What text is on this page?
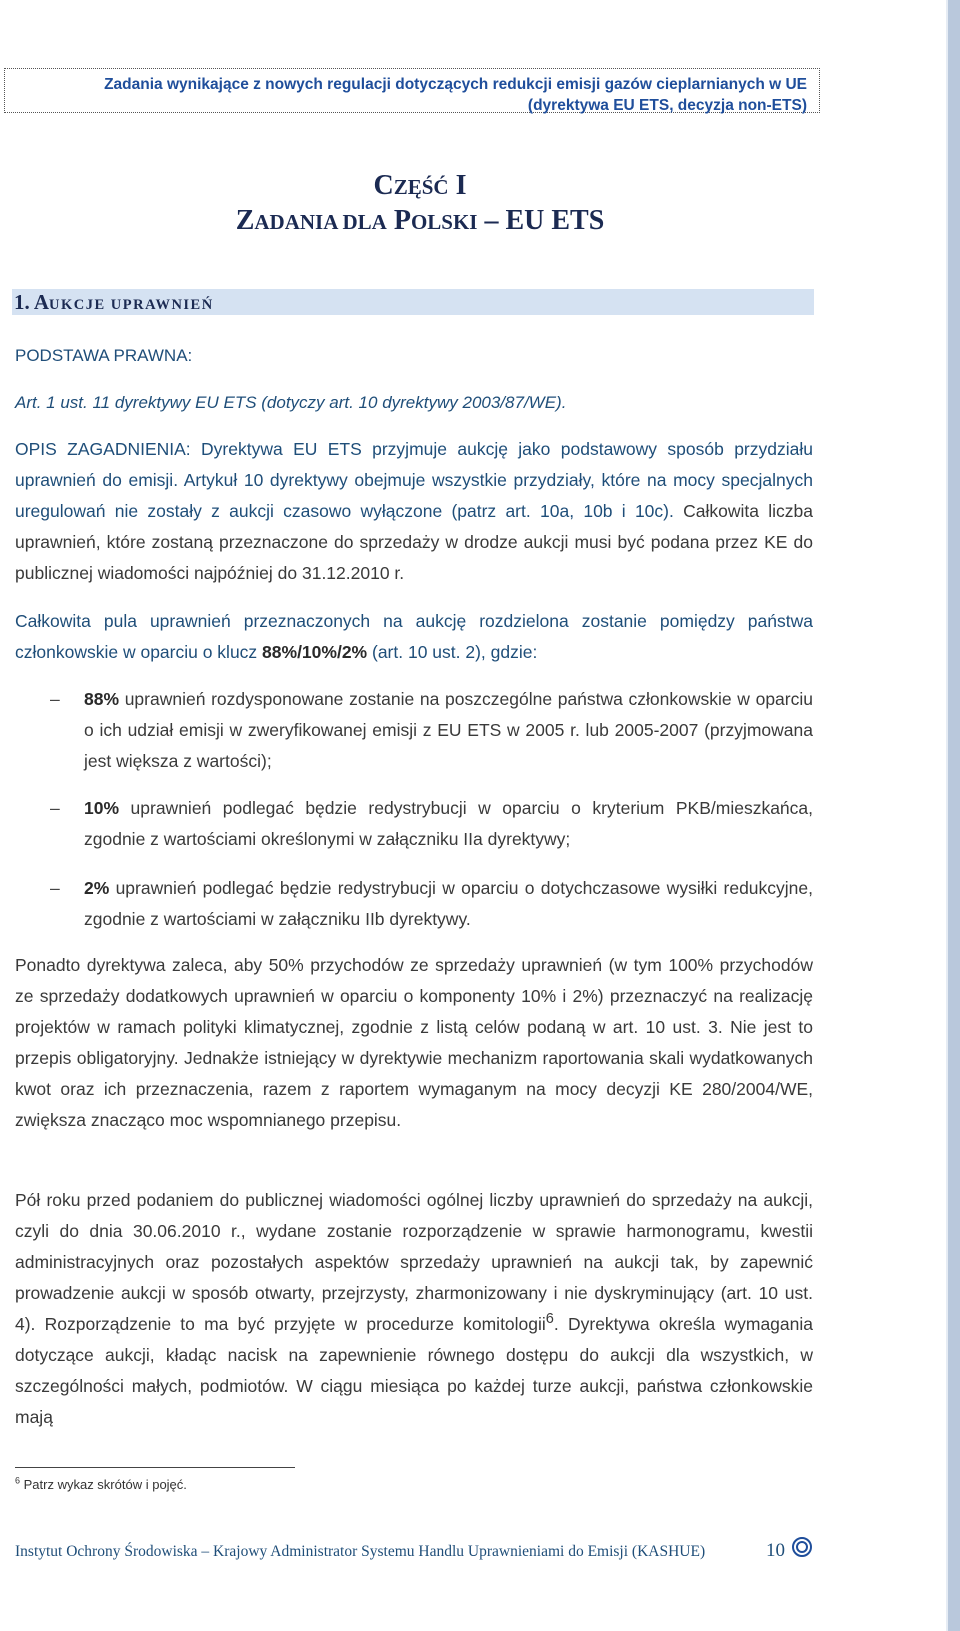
Zadania wynikające z nowych regulacji dotyczących redukcji emisji gazów cieplarnianych w UE
(dyrektywa EU ETS, decyzja non-ETS)
CZĘŚĆ I
ZADANIA DLA POLSKI – EU ETS
1. AUKCJE UPRAWNIEŃ
PODSTAWA PRAWNA:
Art. 1 ust. 11 dyrektywy EU ETS (dotyczy art. 10 dyrektywy 2003/87/WE).
OPIS ZAGADNIENIA: Dyrektywa EU ETS przyjmuje aukcję jako podstawowy sposób przydziału uprawnień do emisji. Artykuł 10 dyrektywy obejmuje wszystkie przydziały, które na mocy specjalnych uregulowań nie zostały z aukcji czasowo wyłączone (patrz art. 10a, 10b i 10c). Całkowita liczba uprawnień, które zostaną przeznaczone do sprzedaży w drodze aukcji musi być podana przez KE do publicznej wiadomości najpóźniej do 31.12.2010 r.
Całkowita pula uprawnień przeznaczonych na aukcję rozdzielona zostanie pomiędzy państwa członkowskie w oparciu o klucz 88%/10%/2% (art. 10 ust. 2), gdzie:
–	88% uprawnień rozdysponowane zostanie na poszczególne państwa członkowskie w oparciu o ich udział emisji w zweryfikowanej emisji z EU ETS w 2005 r. lub 2005-2007 (przyjmowana jest większa z wartości);
–	10% uprawnień podlegać będzie redystrybucji w oparciu o kryterium PKB/mieszkańca, zgodnie z wartościami określonymi w załączniku IIa dyrektywy;
–	2% uprawnień podlegać będzie redystrybucji w oparciu o dotychczasowe wysiłki redukcyjne, zgodnie z wartościami w załączniku IIb dyrektywy.
Ponadto dyrektywa zaleca, aby 50% przychodów ze sprzedaży uprawnień (w tym 100% przychodów ze sprzedaży dodatkowych uprawnień w oparciu o komponenty 10% i 2%) przeznaczyć na realizację projektów w ramach polityki klimatycznej, zgodnie z listą celów podaną w art. 10 ust. 3. Nie jest to przepis obligatoryjny. Jednakże istniejący w dyrektywie mechanizm raportowania skali wydatkowanych kwot oraz ich przeznaczenia, razem z raportem wymaganym na mocy decyzji KE 280/2004/WE, zwiększa znacząco moc wspomnianego przepisu.
Pół roku przed podaniem do publicznej wiadomości ogólnej liczby uprawnień do sprzedaży na aukcji, czyli do dnia 30.06.2010 r., wydane zostanie rozporządzenie w sprawie harmonogramu, kwestii administracyjnych oraz pozostałych aspektów sprzedaży uprawnień na aukcji tak, by zapewnić prowadzenie aukcji w sposób otwarty, przejrzysty, zharmonizowany i nie dyskryminujący (art. 10 ust. 4). Rozporządzenie to ma być przyjęte w procedurze komitologii$^6$. Dyrektywa określa wymagania dotyczące aukcji, kładąc nacisk na zapewnienie równego dostępu do aukcji dla wszystkich, w szczególności małych, podmiotów. W ciągu miesiąca po każdej turze aukcji, państwa członkowskie mają
$^6$ Patrz wykaz skrótów i pojęć.
Instytut Ochrony Środowiska – Krajowy Administrator Systemu Handlu Uprawnieniami do Emisji (KASHUE)	10
